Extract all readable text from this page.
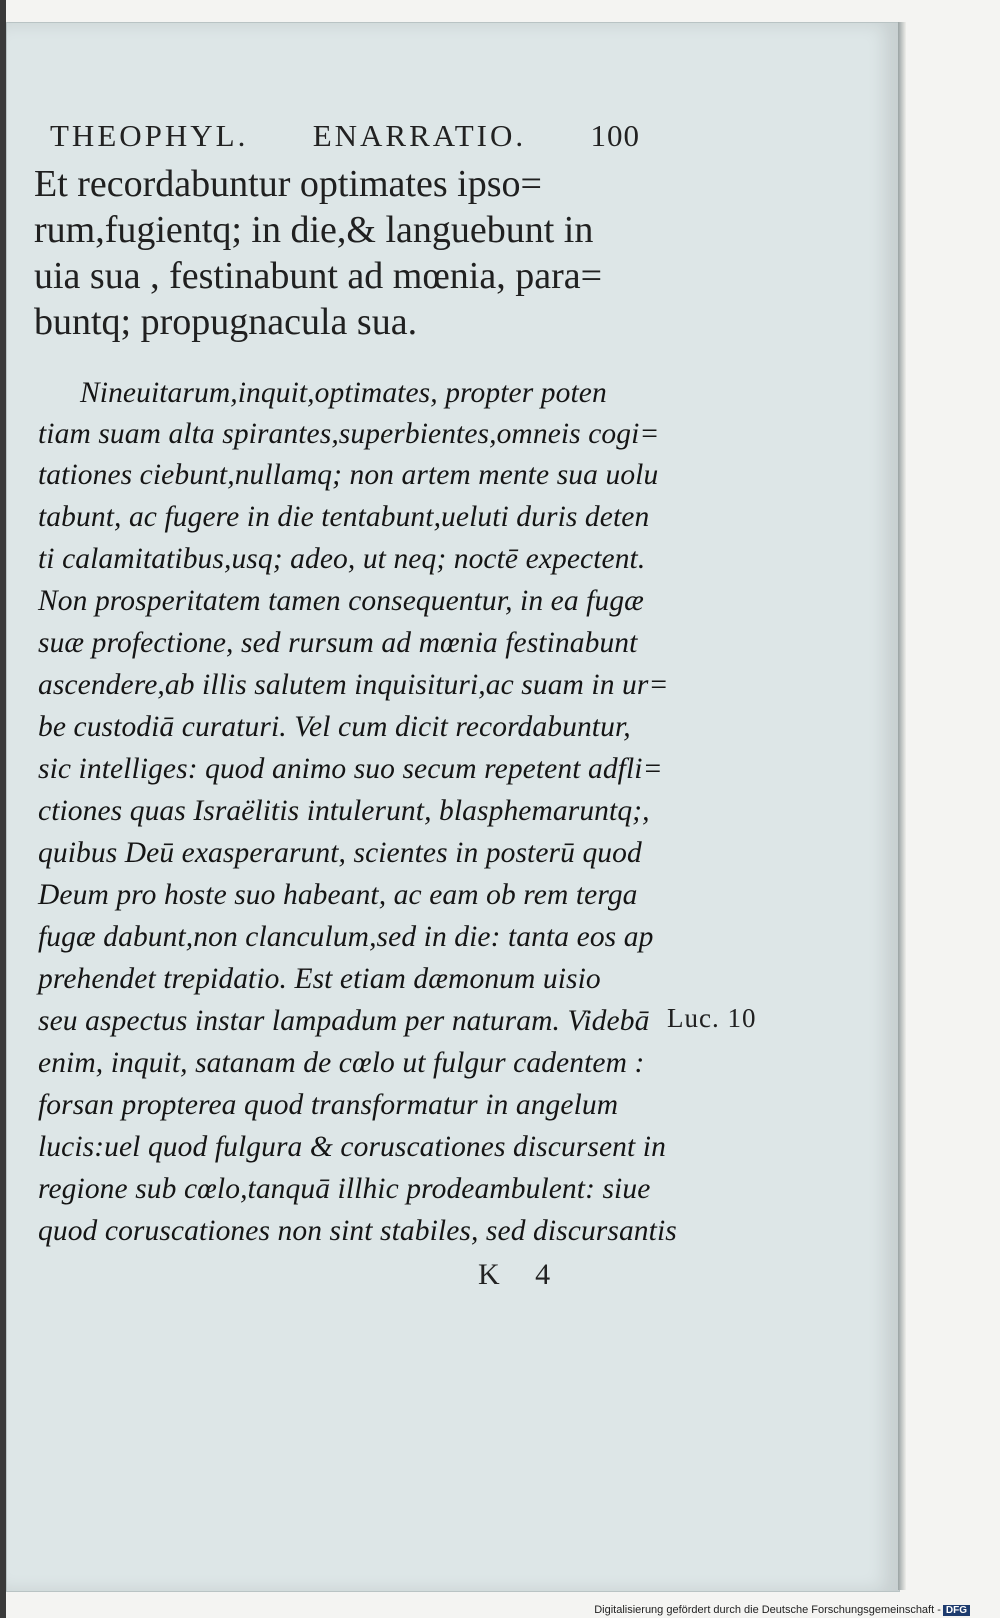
THEOPHYL. ENARRATIO. 100
Et recordabuntur optimates ipso=
rum,fugientq; in die,& languebunt in
uia sua , festinabunt ad mœnia, para=
buntq; propugnacula sua.
Nineuitarum,inquit,optimates, propter poten
tiam suam alta spirantes,superbientes,omneis cogi=
tationes ciebunt,nullamq; non artem mente sua uolu
tabunt, ac fugere in die tentabunt,ueluti duris deten
ti calamitatibus,usq; adeo, ut neq; noctē expectent.
Non prosperitatem tamen consequentur, in ea fugæ
suæ profectione, sed rursum ad mœnia festinabunt
ascendere,ab illis salutem inquisituri,ac suam in ur=
be custodiā curaturi. Vel cum dicit recordabuntur,
sic intelliges: quod animo suo secum repetent adfli=
ctiones quas Israëlitis intulerunt, blasphemaruntq;,
quibus Deū exasperarunt, scientes in posterū quod
Deum pro hoste suo habeant, ac eam ob rem terga
fugæ dabunt,non clanculum,sed in die: tanta eos ap
prehendet trepidatio. Est etiam dæmonum uisio
seu aspectus instar lampadum per naturam. Videbā
enim, inquit, satanam de cœlo ut fulgur cadentem :
forsan propterea quod transformatur in angelum
lucis:uel quod fulgura & coruscationes discursent in
regione sub cœlo,tanquā illhic prodeambulent: siue
quod coruscationes non sint stabiles, sed discursantis
Luc. 10
K 4
Digitalisierung gefördert durch die Deutsche Forschungsgemeinschaft - DFG
